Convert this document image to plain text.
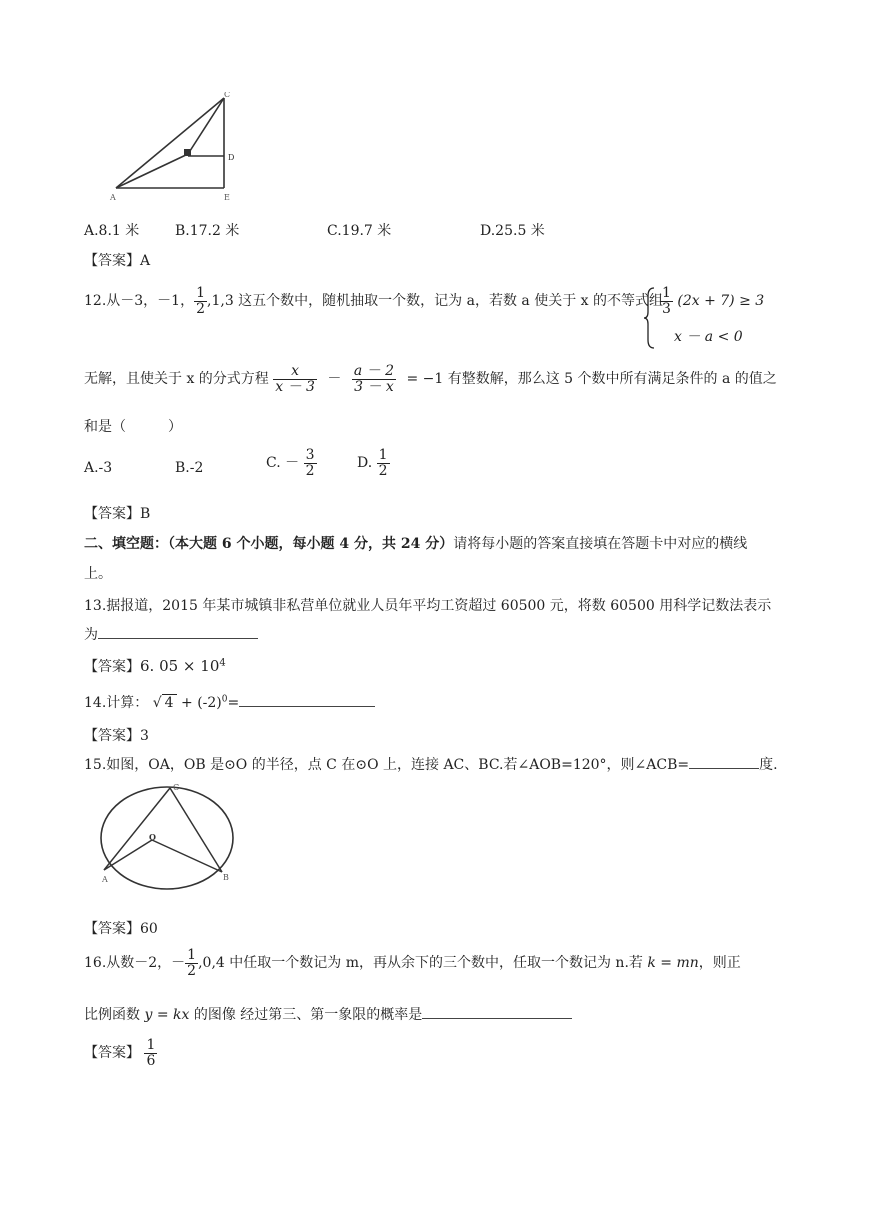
C
D
A	E
A.8.1 米	B.17.2 米	C.19.7 米	D.25.5 米
【答案】A
12.从－3，－1， $\frac{1}{2} ,1,3$ 这五个数中，随机抽取一个数，记为 a，若数 a 使关于 x 的不等式组
$\frac{1}{3} (2x + 7) \ge 3$
x － a < 0
无解，且使关于 x 的分式方程 $\frac{x}{x - 3} - \frac{a - 2}{3 - x} = -1$ 有整数解，那么这 5 个数中所有满足条件的 a 的值之
和是（　　　）
A.-3	B.-2	C. － $\frac{3}{2}$	D. $\frac{1}{2}$
【答案】B
二、填空题：（本大题 6 个小题，每小题 4 分，共 24 分）请将每小题的答案直接填在答题卡中对应的横线
上。
13.据报道，2015 年某市城镇非私营单位就业人员年平均工资超过 60500 元，将数 60500 用科学记数法表示
为
【答案】6. $05 \times 10^4$
14.计算： √ $4 + (-2)^0=$
【答案】3
15.如图，OA，OB 是⊙O 的半径，点 C 在⊙O 上，连接 AC、BC.若∠AOB=120°，则∠ACB=	度.
C
O
A	B
【答案】60
16.从数－2，－ $\frac{1}{2} ,0,4$ 中任取一个数记为 m，再从余下的三个数中，任取一个数记为 n.若 k = mn，则正
比例函数 y = kx 的图像 经过第三、第一象限的概率是
【答案】 $\frac{1}{6}$
